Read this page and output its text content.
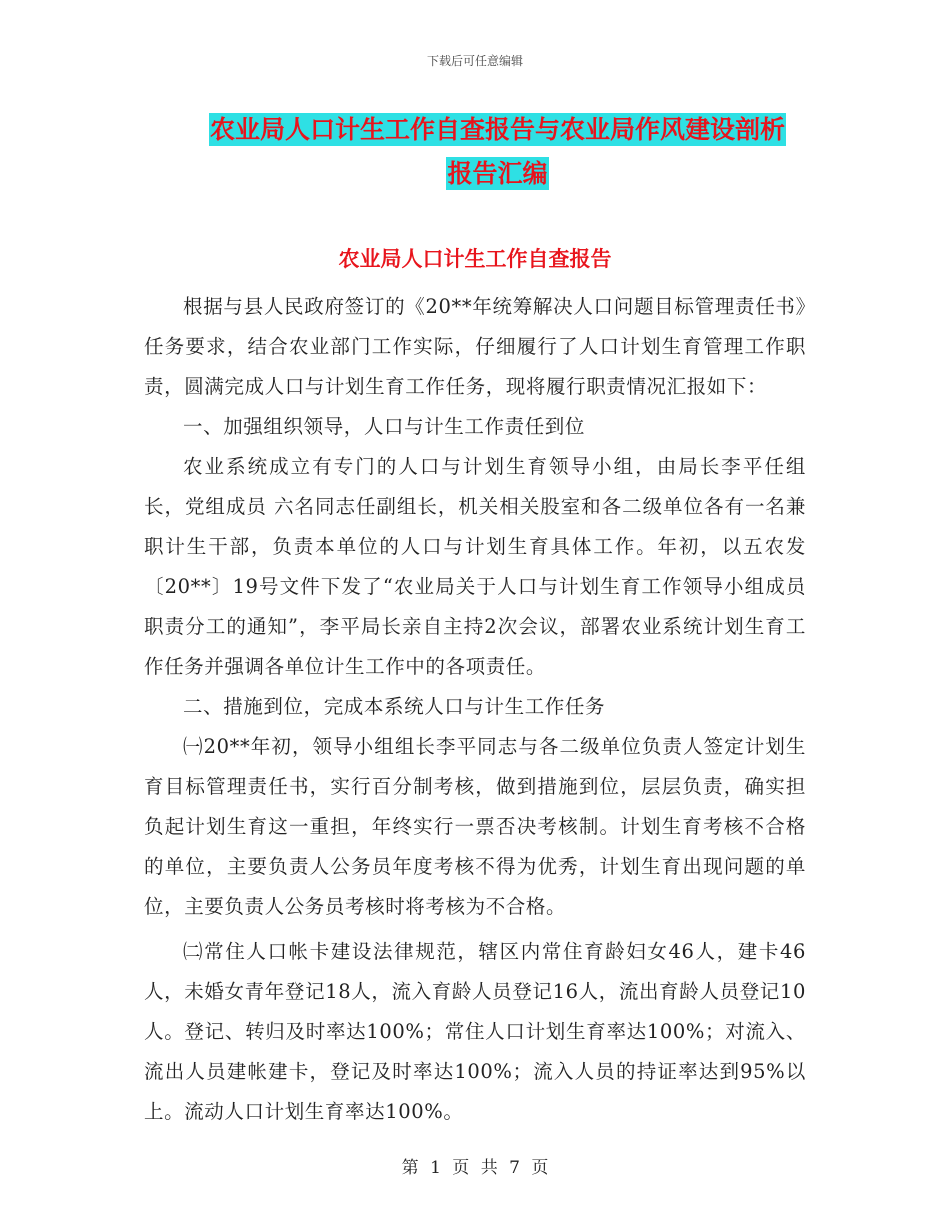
下载后可任意编辑
农业局人口计生工作自查报告与农业局作风建设剖析
报告汇编
农业局人口计生工作自查报告

根据与县人民政府签订的《20**年统筹解决人口问题目标管理责任书》任务要求，结合农业部门工作实际，仔细履行了人口计划生育管理工作职责，圆满完成人口与计划生育工作任务，现将履行职责情况汇报如下：

一、加强组织领导，人口与计生工作责任到位

农业系统成立有专门的人口与计划生育领导小组，由局长李平任组长，党组成员 六名同志任副组长，机关相关股室和各二级单位各有一名兼职计生干部，负责本单位的人口与计划生育具体工作。年初，以五农发〔20**〕19号文件下发了“农业局关于人口与计划生育工作领导小组成员职责分工的通知”，李平局长亲自主持2次会议，部署农业系统计划生育工作任务并强调各单位计生工作中的各项责任。

二、措施到位，完成本系统人口与计生工作任务

㈠20**年初，领导小组组长李平同志与各二级单位负责人签定计划生育目标管理责任书，实行百分制考核，做到措施到位，层层负责，确实担负起计划生育这一重担，年终实行一票否决考核制。计划生育考核不合格的单位，主要负责人公务员年度考核不得为优秀，计划生育出现问题的单位，主要负责人公务员考核时将考核为不合格。

㈡常住人口帐卡建设法律规范，辖区内常住育龄妇女46人，建卡46人，未婚女青年登记18人，流入育龄人员登记16人，流出育龄人员登记10人。登记、转归及时率达100%；常住人口计划生育率达100%；对流入、流出人员建帐建卡，登记及时率达100%；流入人员的持证率达到95%以上。流动人口计划生育率达100%。

第 1 页 共 7 页
